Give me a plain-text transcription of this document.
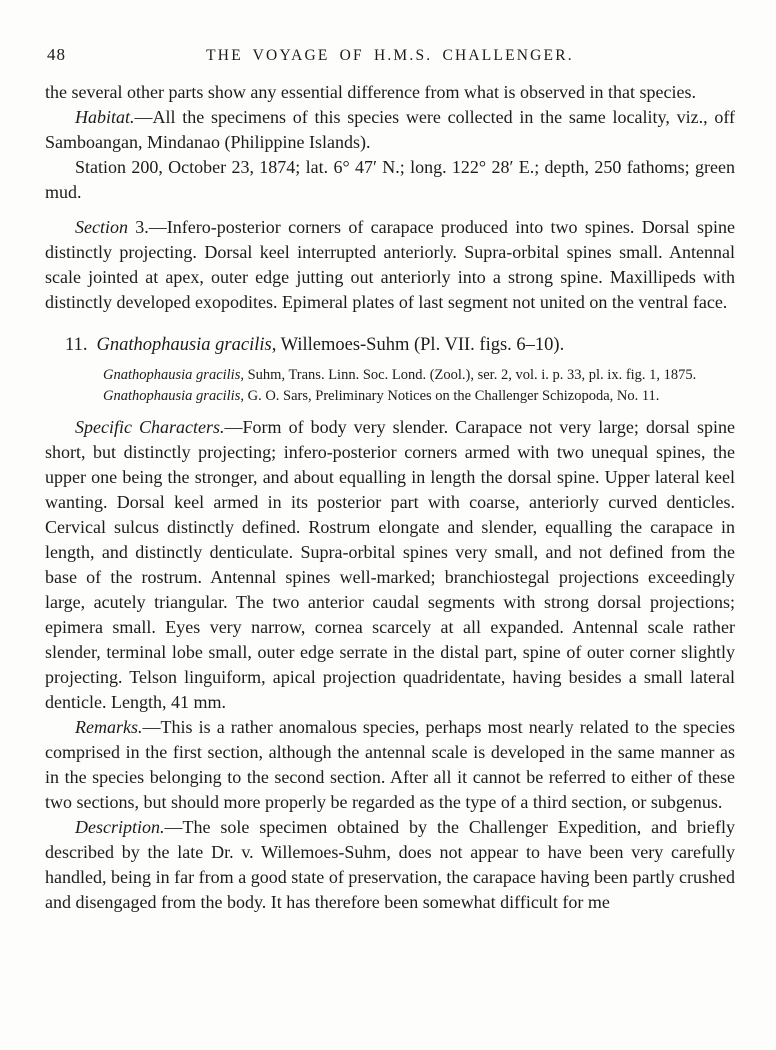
48	THE VOYAGE OF H.M.S. CHALLENGER.

the several other parts show any essential difference from what is observed in that species.

Habitat.—All the specimens of this species were collected in the same locality, viz., off Samboangan, Mindanao (Philippine Islands).

Station 200, October 23, 1874; lat. 6° 47′ N.; long. 122° 28′ E.; depth, 250 fathoms; green mud.

Section 3.—Infero-posterior corners of carapace produced into two spines. Dorsal spine distinctly projecting. Dorsal keel interrupted anteriorly. Supra-orbital spines small. Antennal scale jointed at apex, outer edge jutting out anteriorly into a strong spine. Maxillipeds with distinctly developed exopodites. Epimeral plates of last segment not united on the ventral face.

11. Gnathophausia gracilis, Willemoes-Suhm (Pl. VII. figs. 6–10).

Gnathophausia gracilis, Suhm, Trans. Linn. Soc. Lond. (Zool.), ser. 2, vol. i. p. 33, pl. ix. fig. 1, 1875.

Gnathophausia gracilis, G. O. Sars, Preliminary Notices on the Challenger Schizopoda, No. 11.

Specific Characters.—Form of body very slender. Carapace not very large; dorsal spine short, but distinctly projecting; infero-posterior corners armed with two unequal spines, the upper one being the stronger, and about equalling in length the dorsal spine. Upper lateral keel wanting. Dorsal keel armed in its posterior part with coarse, anteriorly curved denticles. Cervical sulcus distinctly defined. Rostrum elongate and slender, equalling the carapace in length, and distinctly denticulate. Supra-orbital spines very small, and not defined from the base of the rostrum. Antennal spines well-marked; branchiostegal projections exceedingly large, acutely triangular. The two anterior caudal segments with strong dorsal projections; epimera small. Eyes very narrow, cornea scarcely at all expanded. Antennal scale rather slender, terminal lobe small, outer edge serrate in the distal part, spine of outer corner slightly projecting. Telson linguiform, apical projection quadridentate, having besides a small lateral denticle. Length, 41 mm.

Remarks.—This is a rather anomalous species, perhaps most nearly related to the species comprised in the first section, although the antennal scale is developed in the same manner as in the species belonging to the second section. After all it cannot be referred to either of these two sections, but should more properly be regarded as the type of a third section, or subgenus.

Description.—The sole specimen obtained by the Challenger Expedition, and briefly described by the late Dr. v. Willemoes-Suhm, does not appear to have been very carefully handled, being in far from a good state of preservation, the carapace having been partly crushed and disengaged from the body. It has therefore been somewhat difficult for me
